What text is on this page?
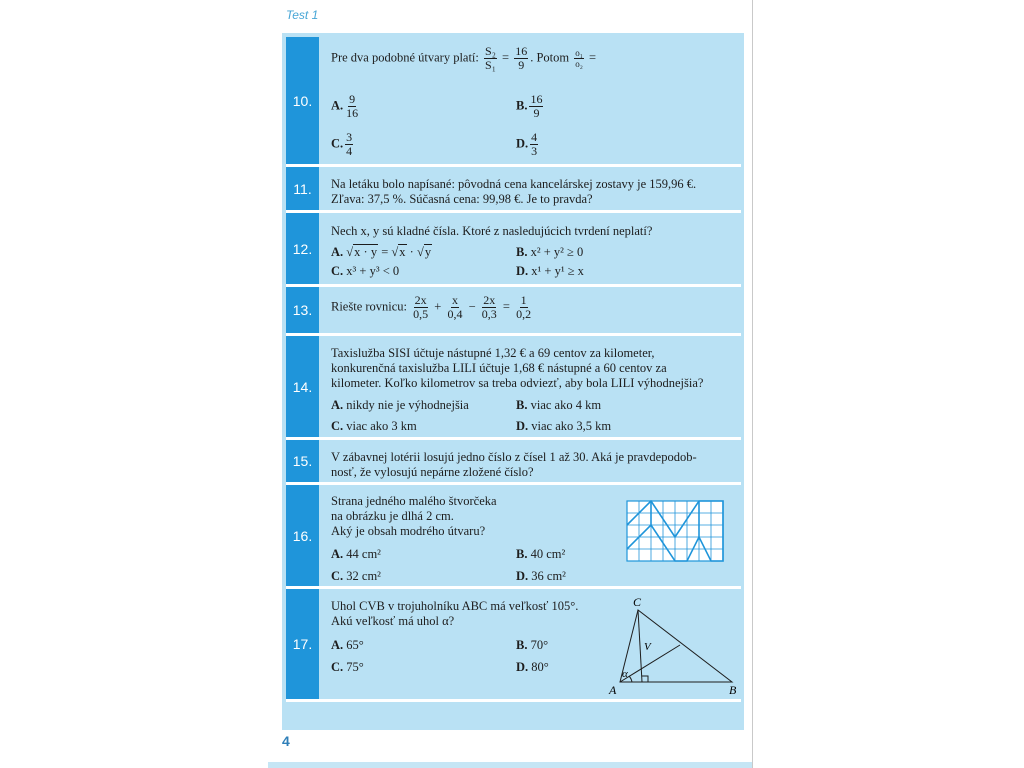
Test 1
10.
11.
12.
13.
14.
15.
16.
17.
Pre dva podobné útvary platí: $\frac{\text{S₂}}{\text{S₁}} = \frac{16}{9}$ . Potom $\frac{\text{o₁}}{\text{o₂}}$ =
A. $\frac{9}{16}$	B. $\frac{16}{9}$
C. $\frac{3}{4}$	D. $\frac{4}{3}$
Na letáku bolo napísané: pôvodná cena kancelárskej zostavy je 159,96 €.
Zľava: 37,5 %. Súčasná cena: 99,98 €. Je to pravda?
Nech x, y sú kladné čísla. Ktoré z nasledujúcich tvrdení neplatí?
A. √x · y = √x · √y	B. x² + y² ≥ 0
C. x³ + y³ < 0	D. x¹ + y¹ ≥ x
Riešte rovnicu: $\frac{2x}{0,5} + \frac{x}{0,4} - \frac{2x}{0,3} = \frac{1}{0,2}$
Taxislužba SISI účtuje nástupné 1,32 € a 69 centov za kilometer,
konkurenčná taxislužba LILI účtuje 1,68 € nástupné a 60 centov za
kilometer. Koľko kilometrov sa treba odviezť, aby bola LILI výhodnejšia?
A. nikdy nie je výhodnejšia	B. viac ako 4 km
C. viac ako 3 km	D. viac ako 3,5 km
V zábavnej lotérii losujú jedno číslo z čísel 1 až 30. Aká je pravdepodob-
nosť, že vylosujú nepárne zložené číslo?
Strana jedného malého štvorčeka
na obrázku je dlhá 2 cm.
Aký je obsah modrého útvaru?
A. 44 cm²	B. 40 cm²
C. 32 cm²	D. 36 cm²
Uhol CVB v trojuholníku ABC má veľkosť 105°.
Akú veľkosť má uhol α?
A. 65°	B. 70°
C. 75°	D. 80°
C
V
α
A	B
4
